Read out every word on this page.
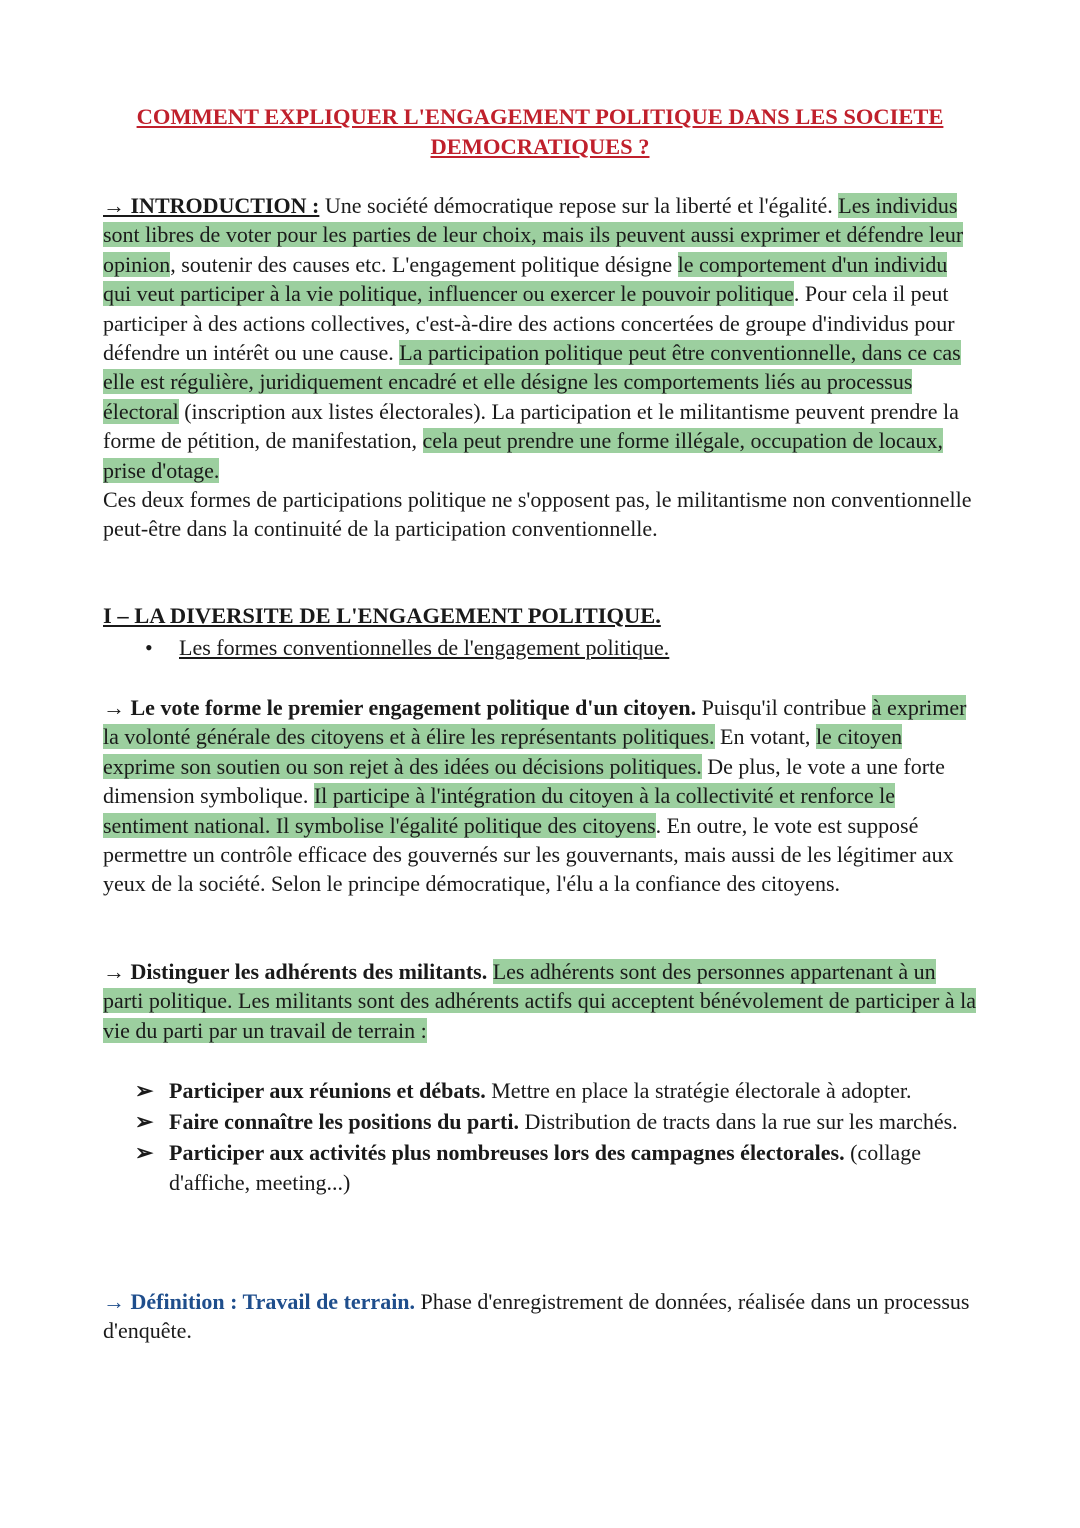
COMMENT EXPLIQUER L'ENGAGEMENT POLITIQUE DANS LES SOCIETE DEMOCRATIQUES ?
→ INTRODUCTION : Une société démocratique repose sur la liberté et l'égalité. Les individus sont libres de voter pour les parties de leur choix, mais ils peuvent aussi exprimer et défendre leur opinion, soutenir des causes etc. L'engagement politique désigne le comportement d'un individu qui veut participer à la vie politique, influencer ou exercer le pouvoir politique. Pour cela il peut participer à des actions collectives, c'est-à-dire des actions concertées de groupe d'individus pour défendre un intérêt ou une cause. La participation politique peut être conventionnelle, dans ce cas elle est régulière, juridiquement encadré et elle désigne les comportements liés au processus électoral (inscription aux listes électorales). La participation et le militantisme peuvent prendre la forme de pétition, de manifestation, cela peut prendre une forme illégale, occupation de locaux, prise d'otage.
Ces deux formes de participations politique ne s'opposent pas, le militantisme non conventionnelle peut-être dans la continuité de la participation conventionnelle.
I – LA DIVERSITE DE L'ENGAGEMENT POLITIQUE.
• Les formes conventionnelles de l'engagement politique.
→ Le vote forme le premier engagement politique d'un citoyen. Puisqu'il contribue à exprimer la volonté générale des citoyens et à élire les représentants politiques. En votant, le citoyen exprime son soutien ou son rejet à des idées ou décisions politiques. De plus, le vote a une forte dimension symbolique. Il participe à l'intégration du citoyen à la collectivité et renforce le sentiment national. Il symbolise l'égalité politique des citoyens. En outre, le vote est supposé permettre un contrôle efficace des gouvernés sur les gouvernants, mais aussi de les légitimer aux yeux de la société. Selon le principe démocratique, l'élu a la confiance des citoyens.
→ Distinguer les adhérents des militants. Les adhérents sont des personnes appartenant à un parti politique. Les militants sont des adhérents actifs qui acceptent bénévolement de participer à la vie du parti par un travail de terrain :
➢ Participer aux réunions et débats. Mettre en place la stratégie électorale à adopter.
➢ Faire connaître les positions du parti. Distribution de tracts dans la rue sur les marchés.
➢ Participer aux activités plus nombreuses lors des campagnes électorales. (collage d'affiche, meeting...)
→ Définition : Travail de terrain. Phase d'enregistrement de données, réalisée dans un processus d'enquête.
